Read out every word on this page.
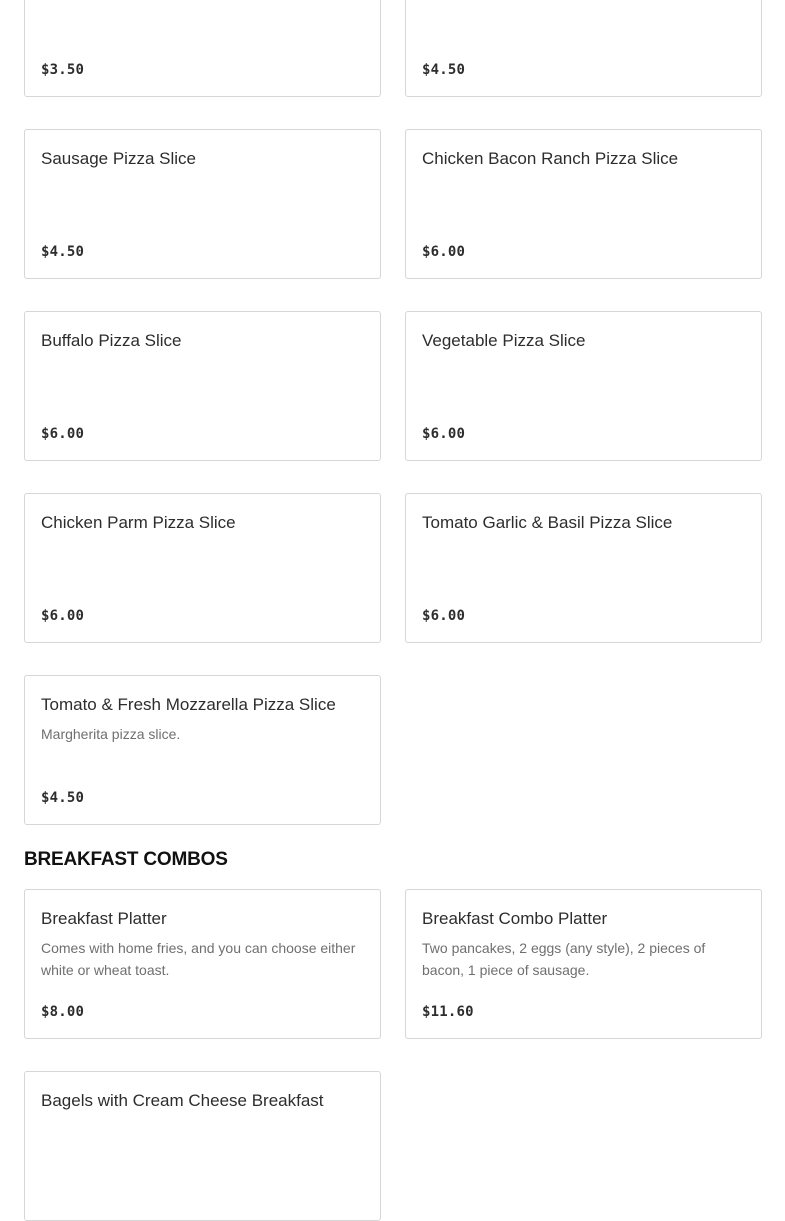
$3.50	$4.50
Sausage Pizza Slice
$4.50
Chicken Bacon Ranch Pizza Slice
$6.00
Buffalo Pizza Slice
$6.00
Vegetable Pizza Slice
$6.00
Chicken Parm Pizza Slice
$6.00
Tomato Garlic & Basil Pizza Slice
$6.00
Tomato & Fresh Mozzarella Pizza Slice
Margherita pizza slice.
$4.50
BREAKFAST COMBOS
Breakfast Platter
Comes with home fries, and you can choose either white or wheat toast.
$8.00
Breakfast Combo Platter
Two pancakes, 2 eggs (any style), 2 pieces of bacon, 1 piece of sausage.
$11.60
Bagels with Cream Cheese Breakfast
